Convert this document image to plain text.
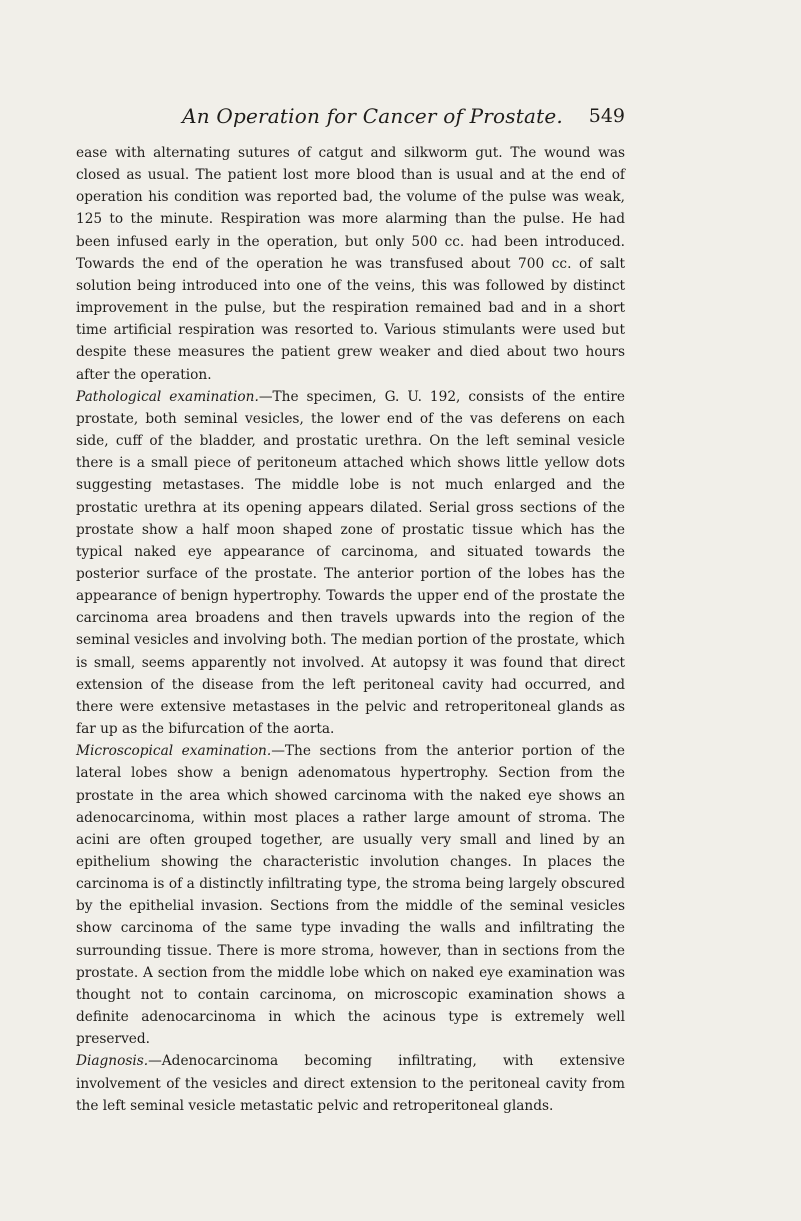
An Operation for Cancer of Prostate.	549

ease with alternating sutures of catgut and silkworm gut. The wound was closed as usual. The patient lost more blood than is usual and at the end of operation his condition was reported bad, the volume of the pulse was weak, 125 to the minute. Respiration was more alarming than the pulse. He had been infused early in the operation, but only 500 cc. had been introduced. Towards the end of the operation he was transfused about 700 cc. of salt solution being introduced into one of the veins, this was followed by distinct improvement in the pulse, but the respiration remained bad and in a short time artificial respiration was resorted to. Various stimulants were used but despite these measures the patient grew weaker and died about two hours after the operation.

Pathological examination.—The specimen, G. U. 192, consists of the entire prostate, both seminal vesicles, the lower end of the vas deferens on each side, cuff of the bladder, and prostatic urethra. On the left seminal vesicle there is a small piece of peritoneum attached which shows little yellow dots suggesting metastases. The middle lobe is not much enlarged and the prostatic urethra at its opening appears dilated. Serial gross sections of the prostate show a half moon shaped zone of prostatic tissue which has the typical naked eye appearance of carcinoma, and situated towards the posterior surface of the prostate. The anterior portion of the lobes has the appearance of benign hypertrophy. Towards the upper end of the prostate the carcinoma area broadens and then travels upwards into the region of the seminal vesicles and involving both. The median portion of the prostate, which is small, seems apparently not involved. At autopsy it was found that direct extension of the disease from the left peritoneal cavity had occurred, and there were extensive metastases in the pelvic and retroperitoneal glands as far up as the bifurcation of the aorta.

Microscopical examination.—The sections from the anterior portion of the lateral lobes show a benign adenomatous hypertrophy. Section from the prostate in the area which showed carcinoma with the naked eye shows an adenocarcinoma, within most places a rather large amount of stroma. The acini are often grouped together, are usually very small and lined by an epithelium showing the characteristic involution changes. In places the carcinoma is of a distinctly infiltrating type, the stroma being largely obscured by the epithelial invasion. Sections from the middle of the seminal vesicles show carcinoma of the same type invading the walls and infiltrating the surrounding tissue. There is more stroma, however, than in sections from the prostate. A section from the middle lobe which on naked eye examination was thought not to contain carcinoma, on microscopic examination shows a definite adenocarcinoma in which the acinous type is extremely well preserved.

Diagnosis.—Adenocarcinoma becoming infiltrating, with extensive involvement of the vesicles and direct extension to the peritoneal cavity from the left seminal vesicle metastatic pelvic and retroperitoneal glands.
